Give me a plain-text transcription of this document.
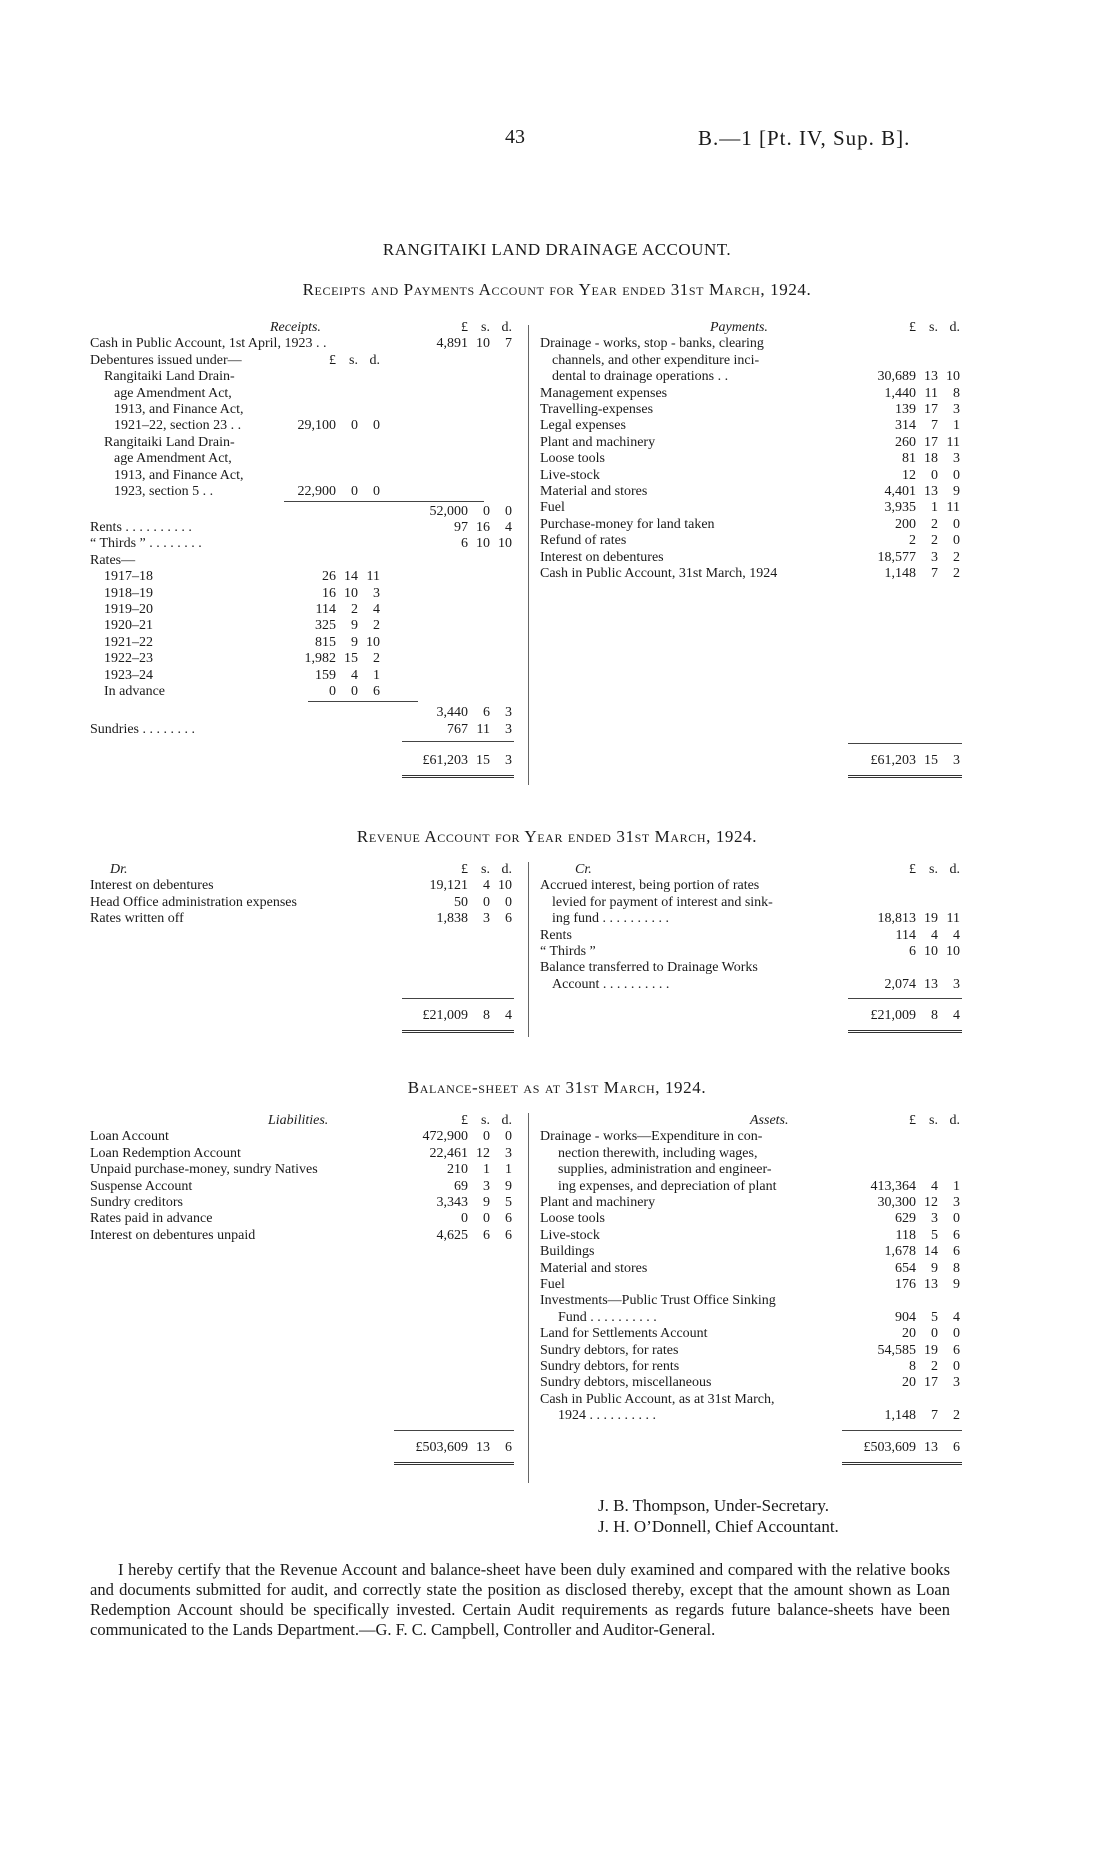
43	B.—1 [Pt. IV, Sup. B].
RANGITAIKI LAND DRAINAGE ACCOUNT.
Receipts and Payments Account for Year ended 31st March, 1924.
Receipts.	£ s. d.	Payments.	£ s. d.
Cash in Public Account, 1st April, 1923 . .	4,891 10 7
Debentures issued under—	£ s. d.
Rangitaiki Land Drain-
age Amendment Act,
1913, and Finance Act,
1921–22, section 23 . .	29,100 0 0
Rangitaiki Land Drain-
age Amendment Act,
1913, and Finance Act,
1923, section 5 . .	22,900 0 0
52,000 0 0
Rents . . . . . . . . . .	97 16 4
“ Thirds ” . . . . . . . .	6 10 10
Rates—
1917–18	26 14 11
1918–19	16 10 3
1919–20	114 2 4
1920–21	325 9 2
1921–22	815 9 10
1922–23	1,982 15 2
1923–24	159 4 1
In advance	0 0 6
3,440 6 3
Sundries . . . . . . . .	767 11 3
£61,203 15 3
Drainage - works, stop - banks, clearing
channels, and other expenditure inci-
dental to drainage operations . .	30,689 13 10
Management expenses	1,440 11 8
Travelling-expenses	139 17 3
Legal expenses	314 7 1
Plant and machinery	260 17 11
Loose tools	81 18 3
Live-stock	12 0 0
Material and stores	4,401 13 9
Fuel	3,935 1 11
Purchase-money for land taken	200 2 0
Refund of rates	2 2 0
Interest on debentures	18,577 3 2
Cash in Public Account, 31st March, 1924	1,148 7 2
£61,203 15 3
Revenue Account for Year ended 31st March, 1924.
Dr.	£ s. d.	Cr.	£ s. d.
Interest on debentures	19,121 4 10
Head Office administration expenses	50 0 0
Rates written off	1,838 3 6
Accrued interest, being portion of rates
levied for payment of interest and sink-
ing fund . . . . . . . . . .	18,813 19 11
Rents	114 4 4
“ Thirds ”	6 10 10
Balance transferred to Drainage Works
Account . . . . . . . . . .	2,074 13 3
£21,009 8 4	£21,009 8 4
Balance-sheet as at 31st March, 1924.
Liabilities.	£ s. d.	Assets.	£ s. d.
Loan Account	472,900 0 0
Loan Redemption Account	22,461 12 3
Unpaid purchase-money, sundry Natives	210 1 1
Suspense Account	69 3 9
Sundry creditors	3,343 9 5
Rates paid in advance	0 0 6
Interest on debentures unpaid	4,625 6 6
Drainage - works—Expenditure in con-
nection therewith, including wages,
supplies, administration and engineer-
ing expenses, and depreciation of plant	413,364 4 1
Plant and machinery	30,300 12 3
Loose tools	629 3 0
Live-stock	118 5 6
Buildings	1,678 14 6
Material and stores	654 9 8
Fuel	176 13 9
Investments—Public Trust Office Sinking
Fund . . . . . . . . . .	904 5 4
Land for Settlements Account	20 0 0
Sundry debtors, for rates	54,585 19 6
Sundry debtors, for rents	8 2 0
Sundry debtors, miscellaneous	20 17 3
Cash in Public Account, as at 31st March,
1924 . . . . . . . . . .	1,148 7 2
£503,609 13 6	£503,609 13 6
J. B. Thompson, Under-Secretary.
J. H. O’Donnell, Chief Accountant.
I hereby certify that the Revenue Account and balance-sheet have been duly examined and compared with the relative books and documents submitted for audit, and correctly state the position as disclosed thereby, except that the amount shown as Loan Redemption Account should be specifically invested. Certain Audit requirements as regards future balance-sheets have been communicated to the Lands Department.—G. F. C. Campbell, Controller and Auditor-General.
